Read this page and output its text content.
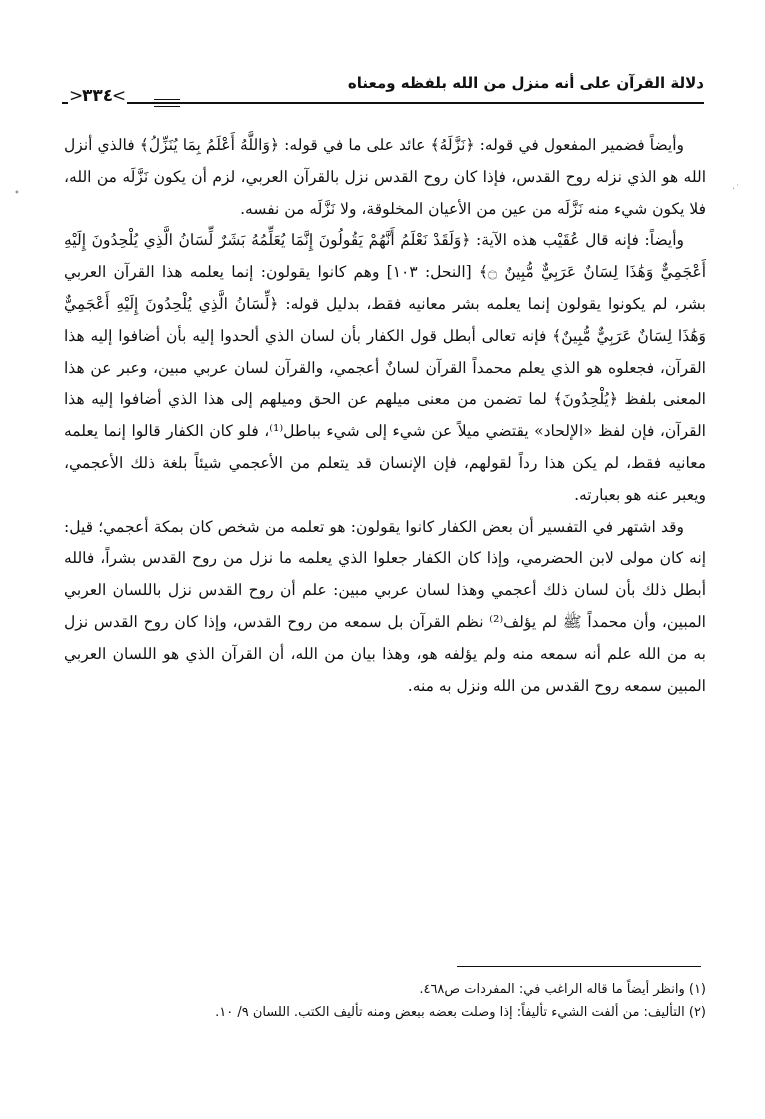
دلالة القرآن على أنه منزل من الله بلفظه ومعناه
< ٣٣٤ >

وأيضاً فضمير المفعول في قوله: ﴿نَزَّلَهُ﴾ عائد على ما في قوله: ﴿وَاللَّهُ أَعْلَمُ بِمَا يُنَزِّلُ﴾ فالذي أنزل الله هو الذي نزله روح القدس، فإذا كان روح القدس نزل بالقرآن العربي، لزم أن يكون نَزَّلَه من الله، فلا يكون شيء منه نَزَّلَه من عين من الأعيان المخلوقة، ولا نَزَّلَه من نفسه.

وأيضاً: فإنه قال عُقَيْب هذه الآية: ﴿وَلَقَدْ نَعْلَمُ أَنَّهُمْ يَقُولُونَ إِنَّمَا يُعَلِّمُهُ بَشَرٌ لِّسَانُ الَّذِي يُلْحِدُونَ إِلَيْهِ أَعْجَمِيٌّ وَهَٰذَا لِسَانٌ عَرَبِيٌّ مُّبِينٌ ۝﴾ [النحل: ١٠٣] وهم كانوا يقولون: إنما يعلمه هذا القرآن العربي بشر، لم يكونوا يقولون إنما يعلمه بشر معانيه فقط، بدليل قوله: ﴿لِّسَانُ الَّذِي يُلْحِدُونَ إِلَيْهِ أَعْجَمِيٌّ وَهَٰذَا لِسَانٌ عَرَبِيٌّ مُّبِينٌ﴾ فإنه تعالى أبطل قول الكفار بأن لسان الذي ألحدوا إليه بأن أضافوا إليه هذا القرآن، فجعلوه هو الذي يعلم محمداً القرآن لسانٌ أعجمي، والقرآن لسان عربي مبين، وعبر عن هذا المعنى بلفظ ﴿يُلْحِدُونَ﴾ لما تضمن من معنى ميلهم عن الحق وميلهم إلى هذا الذي أضافوا إليه هذا القرآن، فإن لفظ «الإلحاد» يقتضي ميلاً عن شيء إلى شيء بباطل⁽¹⁾، فلو كان الكفار قالوا إنما يعلمه معانيه فقط، لم يكن هذا رداً لقولهم، فإن الإنسان قد يتعلم من الأعجمي شيئاً بلغة ذلك الأعجمي، ويعبر عنه هو بعبارته.

وقد اشتهر في التفسير أن بعض الكفار كانوا يقولون: هو تعلمه من شخص كان بمكة أعجمي؛ قيل: إنه كان مولى لابن الحضرمي، وإذا كان الكفار جعلوا الذي يعلمه ما نزل من روح القدس بشراً، فالله أبطل ذلك بأن لسان ذلك أعجمي وهذا لسان عربي مبين: علم أن روح القدس نزل باللسان العربي المبين، وأن محمداً ﷺ لم يؤلف⁽²⁾ نظم القرآن بل سمعه من روح القدس، وإذا كان روح القدس نزل به من الله علم أنه سمعه منه ولم يؤلفه هو، وهذا بيان من الله، أن القرآن الذي هو اللسان العربي المبين سمعه روح القدس من الله ونزل به منه.

(١) وانظر أيضاً ما قاله الراغب في: المفردات ص٤٦٨.

(٢) التأليف: من ألفت الشيء تأليفاً: إذا وصلت بعضه ببعض ومنه تأليف الكتب. اللسان ٩/ ١٠.

•	·˙
